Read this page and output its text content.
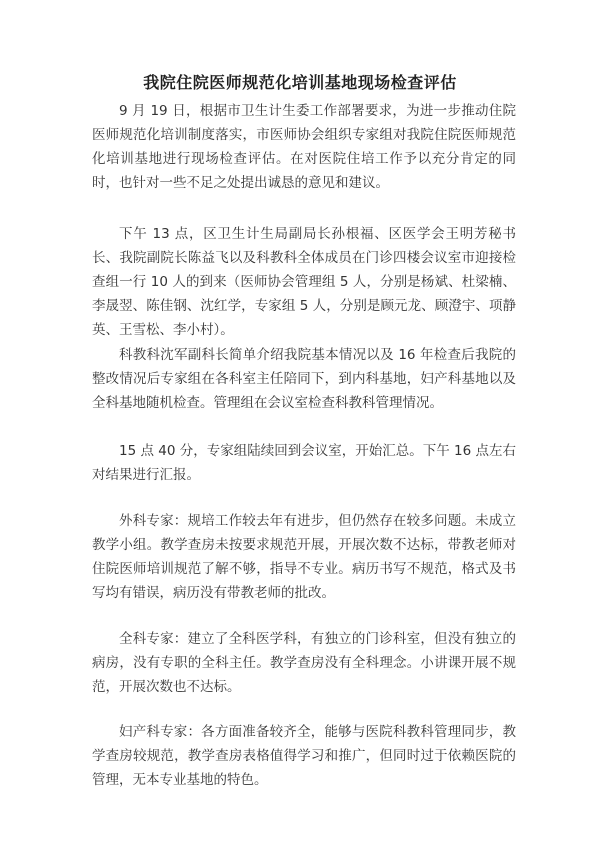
我院住院医师规范化培训基地现场检查评估

9 月 19 日，根据市卫生计生委工作部署要求，为进一步推动住院医师规范化培训制度落实，市医师协会组织专家组对我院住院医师规范化培训基地进行现场检查评估。在对医院住培工作予以充分肯定的同时，也针对一些不足之处提出诚恳的意见和建议。

下午 13 点，区卫生计生局副局长孙根福、区医学会王明芳秘书长、我院副院长陈益飞以及科教科全体成员在门诊四楼会议室市迎接检查组一行 10 人的到来（医师协会管理组 5 人，分别是杨斌、杜梁楠、李晟翌、陈佳钢、沈红学，专家组 5 人，分别是顾元龙、顾澄宇、项静英、王雪松、李小村）。

科教科沈军副科长简单介绍我院基本情况以及 16 年检查后我院的整改情况后专家组在各科室主任陪同下，到内科基地，妇产科基地以及全科基地随机检查。管理组在会议室检查科教科管理情况。

15 点 40 分，专家组陆续回到会议室，开始汇总。下午 16 点左右对结果进行汇报。

外科专家：规培工作较去年有进步，但仍然存在较多问题。未成立教学小组。教学查房未按要求规范开展，开展次数不达标，带教老师对住院医师培训规范了解不够，指导不专业。病历书写不规范，格式及书写均有错误，病历没有带教老师的批改。

全科专家：建立了全科医学科，有独立的门诊科室，但没有独立的病房，没有专职的全科主任。教学查房没有全科理念。小讲课开展不规范，开展次数也不达标。

妇产科专家：各方面准备较齐全，能够与医院科教科管理同步，教学查房较规范，教学查房表格值得学习和推广，但同时过于依赖医院的管理，无本专业基地的特色。
